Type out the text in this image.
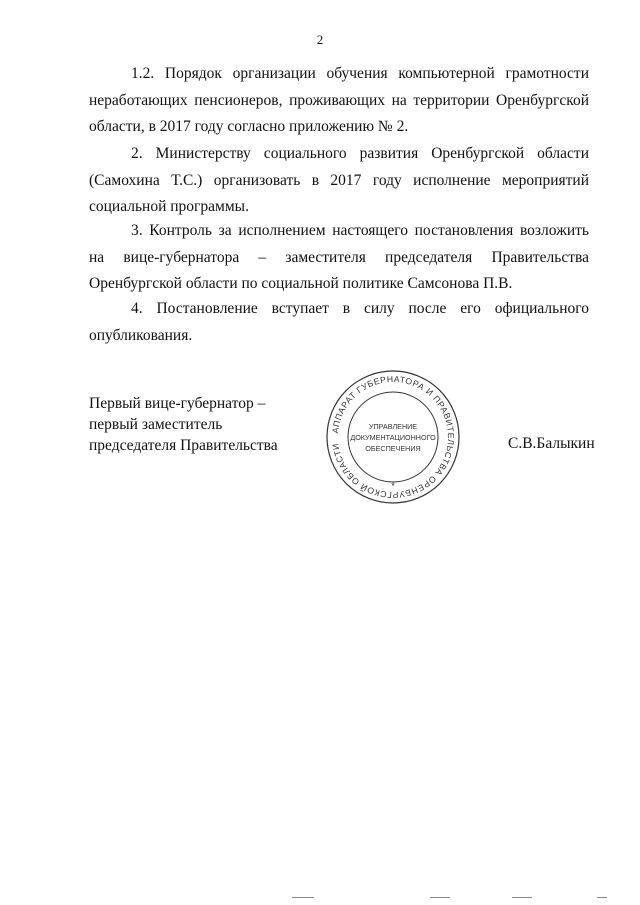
2

1.2. Порядок организации обучения компьютерной грамотности неработающих пенсионеров, проживающих на территории Оренбургской области, в 2017 году согласно приложению № 2.

2. Министерству социального развития Оренбургской области (Самохина Т.С.) организовать в 2017 году исполнение мероприятий социальной программы.

3. Контроль за исполнением настоящего постановления возложить на вице-губернатора – заместителя председателя Правительства Оренбургской области по социальной политике Самсонова П.В.

4. Постановление вступает в силу после его официального опубликования.

Первый вице-губернатор –
первый заместитель
председателя Правительства
АППАРАТ ГУБЕРНАТОРА И ПРАВИТЕЛЬСТВА ОРЕНБУРГСКОЙ ОБЛАСТИ
*
УПРАВЛЕНИЕ
ДОКУМЕНТАЦИОННОГО
ОБЕСПЕЧЕНИЯ	С.В.Балыкин
